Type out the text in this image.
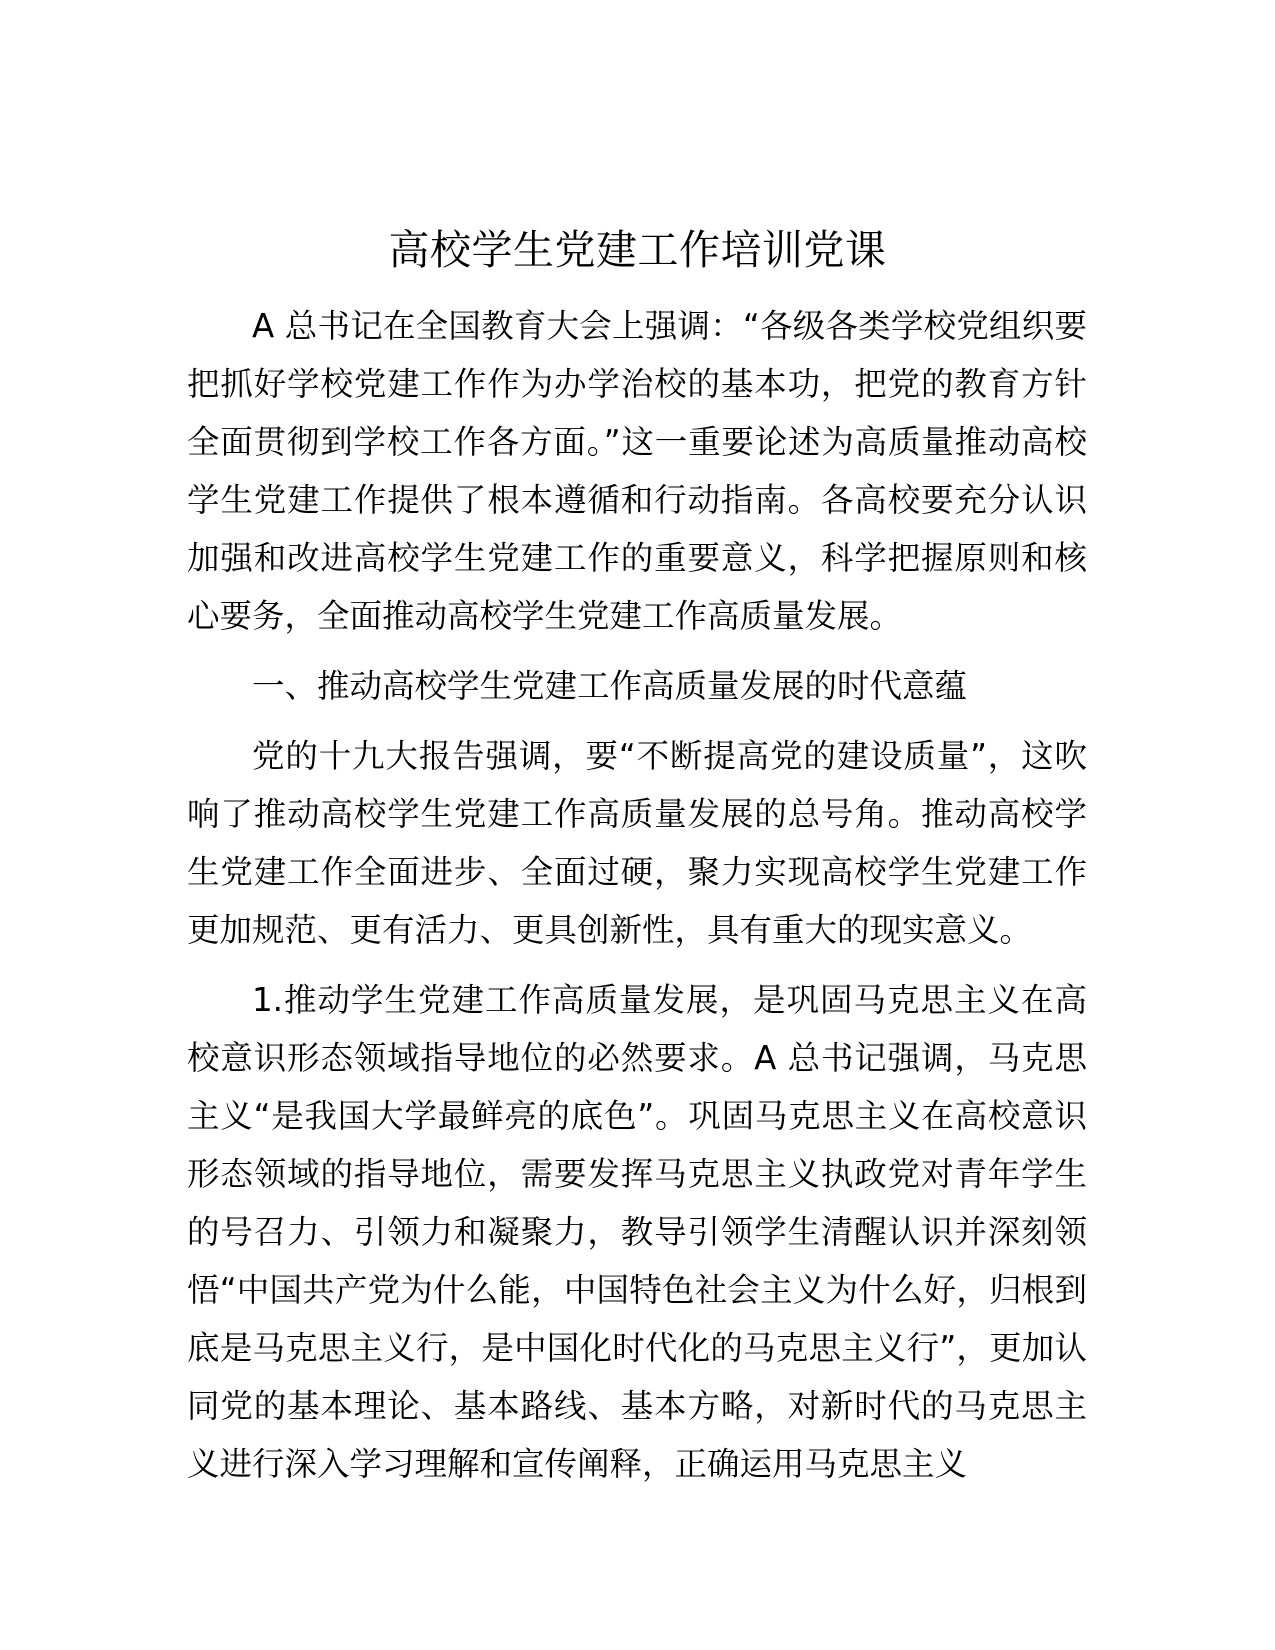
高校学生党建工作培训党课

A 总书记在全国教育大会上强调：“各级各类学校党组织要把抓好学校党建工作作为办学治校的基本功，把党的教育方针全面贯彻到学校工作各方面。”这一重要论述为高质量推动高校学生党建工作提供了根本遵循和行动指南。各高校要充分认识加强和改进高校学生党建工作的重要意义，科学把握原则和核心要务，全面推动高校学生党建工作高质量发展。

一、推动高校学生党建工作高质量发展的时代意蕴

党的十九大报告强调，要“不断提高党的建设质量”，这吹响了推动高校学生党建工作高质量发展的总号角。推动高校学生党建工作全面进步、全面过硬，聚力实现高校学生党建工作更加规范、更有活力、更具创新性，具有重大的现实意义。

1.推动学生党建工作高质量发展，是巩固马克思主义在高校意识形态领域指导地位的必然要求。A 总书记强调，马克思主义“是我国大学最鲜亮的底色”。巩固马克思主义在高校意识形态领域的指导地位，需要发挥马克思主义执政党对青年学生的号召力、引领力和凝聚力，教导引领学生清醒认识并深刻领悟“中国共产党为什么能，中国特色社会主义为什么好，归根到底是马克思主义行，是中国化时代化的马克思主义行”，更加认同党的基本理论、基本路线、基本方略，对新时代的马克思主义进行深入学习理解和宣传阐释，正确运用马克思主义
